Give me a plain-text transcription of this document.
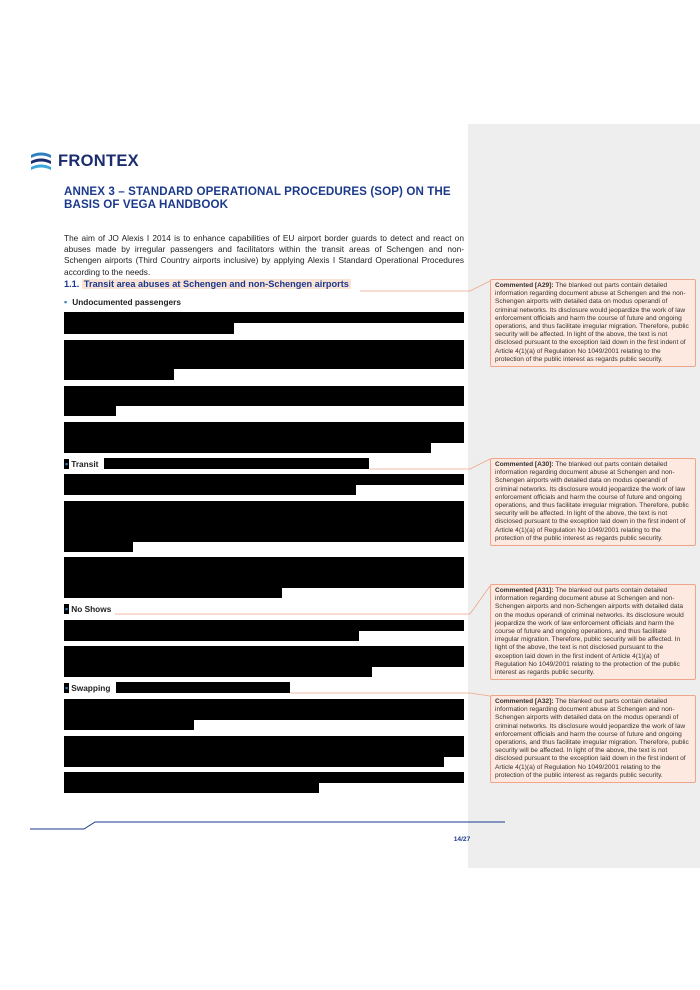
FRONTEX
ANNEX 3 – STANDARD OPERATIONAL PROCEDURES (SOP) ON THE BASIS OF VEGA HANDBOOK
The aim of JO Alexis I 2014 is to enhance capabilities of EU airport border guards to detect and react on abuses made by irregular passengers and facilitators within the transit areas of Schengen and non-Schengen airports (Third Country airports inclusive) by applying Alexis I Standard Operational Procedures according to the needs.
1.1. Transit area abuses at Schengen and non-Schengen airports
▪ Undocumented passengers
▪ Transit
▪ No Shows
▪ Swapping
Commented [A29]: The blanked out parts contain detailed information regarding document abuse at Schengen and the non-Schengen airports with detailed data on modus operandi of criminal networks. Its disclosure would jeopardize the work of law enforcement officials and harm the course of future and ongoing operations, and thus facilitate irregular migration. Therefore, public security will be affected. In light of the above, the text is not disclosed pursuant to the exception laid down in the first indent of Article 4(1)(a) of Regulation No 1049/2001 relating to the protection of the public interest as regards public security.
Commented [A30]: The blanked out parts contain detailed information regarding document abuse at Schengen and non-Schengen airports with detailed data on modus operandi of criminal networks. Its disclosure would jeopardize the work of law enforcement officials and harm the course of future and ongoing operations, and thus facilitate irregular migration. Therefore, public security will be affected. In light of the above, the text is not disclosed pursuant to the exception laid down in the first indent of Article 4(1)(a) of Regulation No 1049/2001 relating to the protection of the public interest as regards public security.
Commented [A31]: The blanked out parts contain detailed information regarding document abuse at Schengen and non-Schengen airports and non-Schengen airports with detailed data on the modus operandi of criminal networks. Its disclosure would jeopardize the work of law enforcement officials and harm the course of future and ongoing operations, and thus facilitate irregular migration. Therefore, public security will be affected. In light of the above, the text is not disclosed pursuant to the exception laid down in the first indent of Article 4(1)(a) of Regulation No 1049/2001 relating to the protection of the public interest as regards public security.
Commented [A32]: The blanked out parts contain detailed information regarding document abuse at Schengen and non-Schengen airports with detailed data on the modus operandi of criminal networks. Its disclosure would jeopardize the work of law enforcement officials and harm the course of future and ongoing operations, and thus facilitate irregular migration. Therefore, public security will be affected. In light of the above, the text is not disclosed pursuant to the exception laid down in the first indent of Article 4(1)(a) of Regulation No 1049/2001 relating to the protection of the public interest as regards public security.
14/27
